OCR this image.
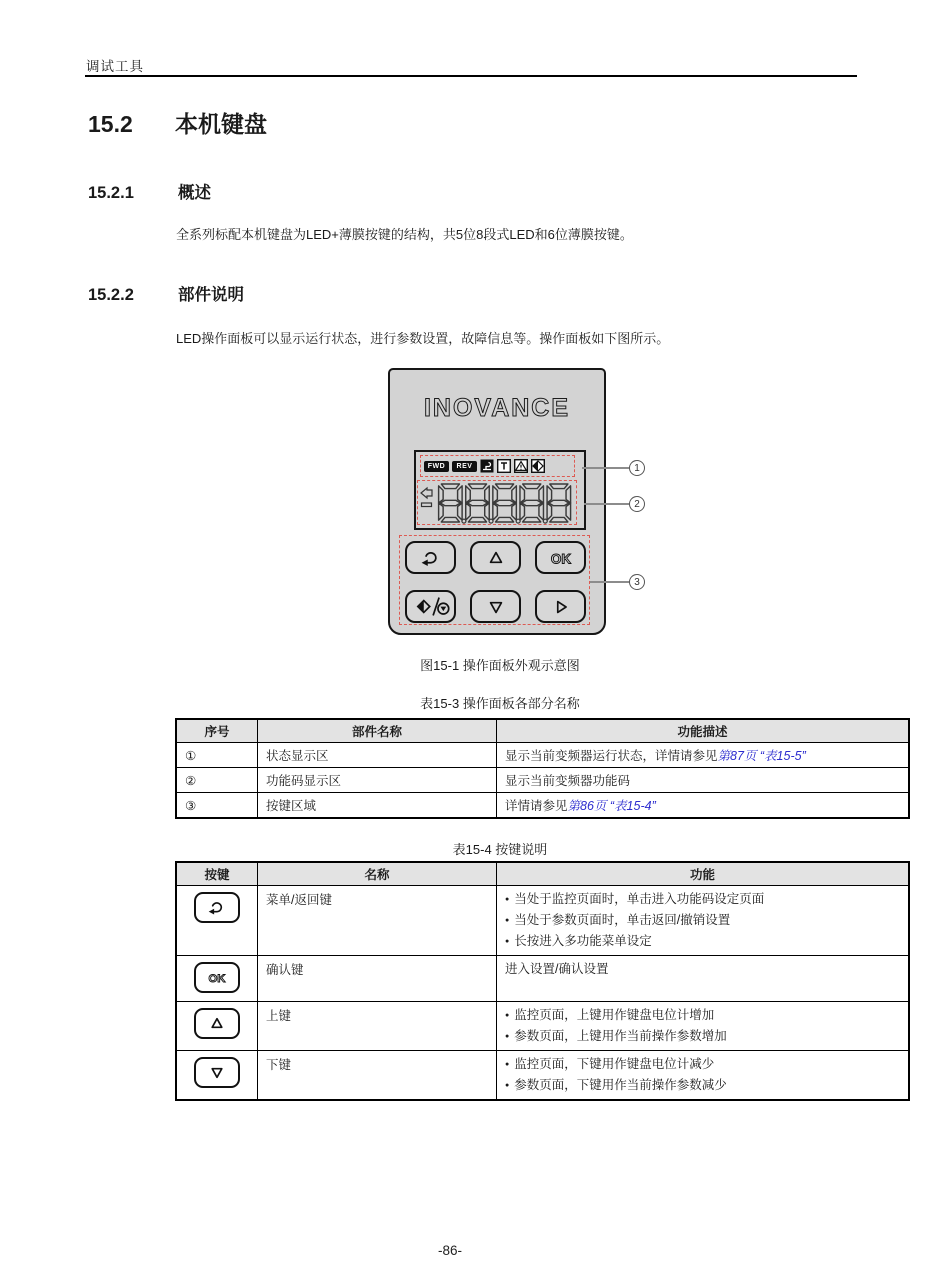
调试工具
15.2 本机键盘
15.2.1	概述
全系列标配本机键盘为LED+薄膜按键的结构，共5位8段式LED和6位薄膜按键。
15.2.2	部件说明
LED操作面板可以显示运行状态，进行参数设置，故障信息等。操作面板如下图所示。
INOVANCE
FWD	REV
OK
1
2
3
图15-1 操作面板外观示意图
表15-3 操作面板各部分名称
序号	部件名称	功能描述
①	状态显示区	显示当前变频器运行状态，详情请参见第87页 “表15-5”
②	功能码显示区	显示当前变频器功能码
③	按键区域	详情请参见第86页 “表15-4”
表15-4 按键说明
按键	名称	功能

	菜单/返回键	
●当处于监控页面时，单击进入功能码设定页面
● 当处于参数页面时，单击返回/撤销设置
● 长按进入多功能菜单设定

OK
	确认键	进入设置/确认设置

	上键	
●监控页面，上键用作键盘电位计增加
● 参数页面，上键用作当前操作参数增加

	下键	
●监控页面，下键用作键盘电位计减少
● 参数页面，下键用作当前操作参数减少
-86-
